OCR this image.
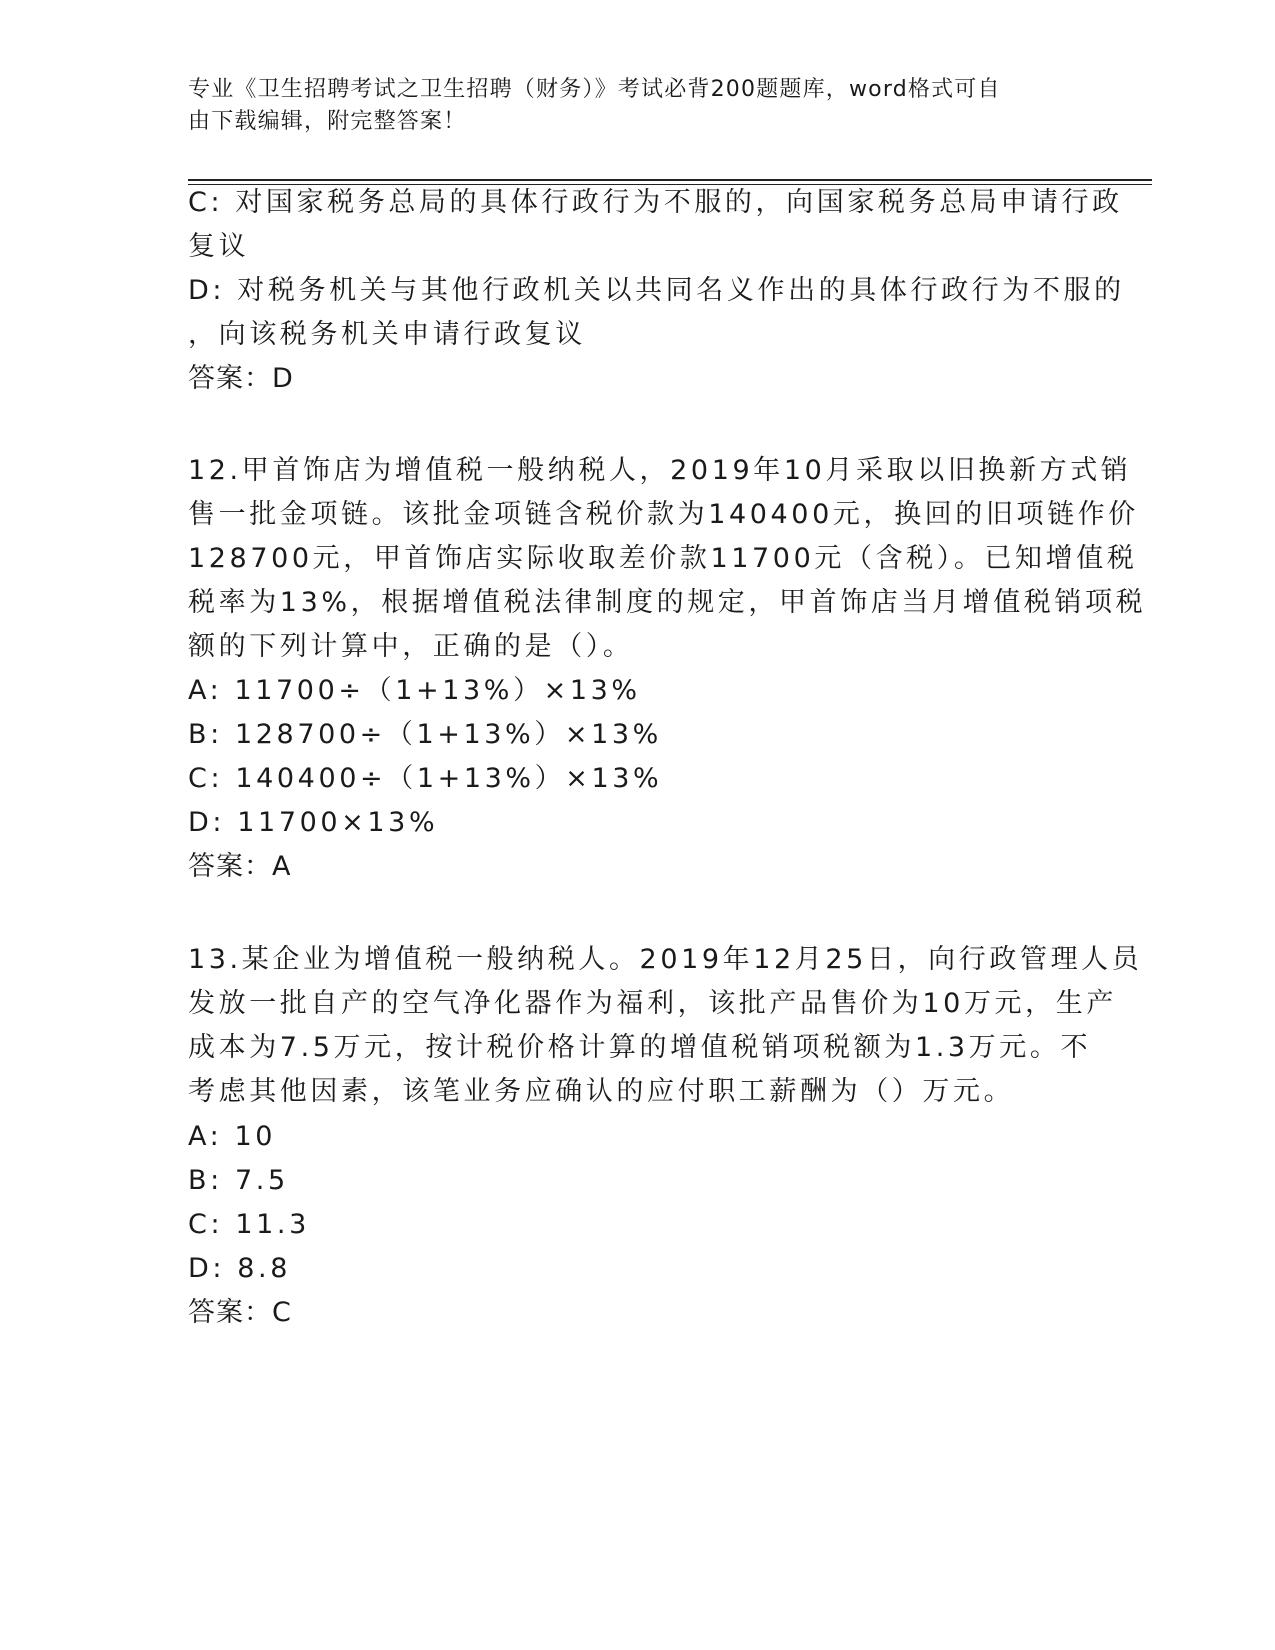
专业《卫生招聘考试之卫生招聘（财务）》考试必背200题题库，word格式可自
由下载编辑，附完整答案！
C: 对国家税务总局的具体行政行为不服的，向国家税务总局申请行政
复议
D: 对税务机关与其他行政机关以共同名义作出的具体行政行为不服的
，向该税务机关申请行政复议
答案：D
12.甲首饰店为增值税一般纳税人，2019年10月采取以旧换新方式销
售一批金项链。该批金项链含税价款为140400元，换回的旧项链作价
128700元，甲首饰店实际收取差价款11700元（含税）。已知增值税
税率为13%，根据增值税法律制度的规定，甲首饰店当月增值税销项税
额的下列计算中，正确的是（）。
A: 11700÷（1+13%）×13%
B: 128700÷（1+13%）×13%
C: 140400÷（1+13%）×13%
D: 11700×13%
答案：A
13.某企业为增值税一般纳税人。2019年12月25日，向行政管理人员
发放一批自产的空气净化器作为福利，该批产品售价为10万元，生产
成本为7.5万元，按计税价格计算的增值税销项税额为1.3万元。不
考虑其他因素，该笔业务应确认的应付职工薪酬为（）万元。
A: 10
B: 7.5
C: 11.3
D: 8.8
答案：C
